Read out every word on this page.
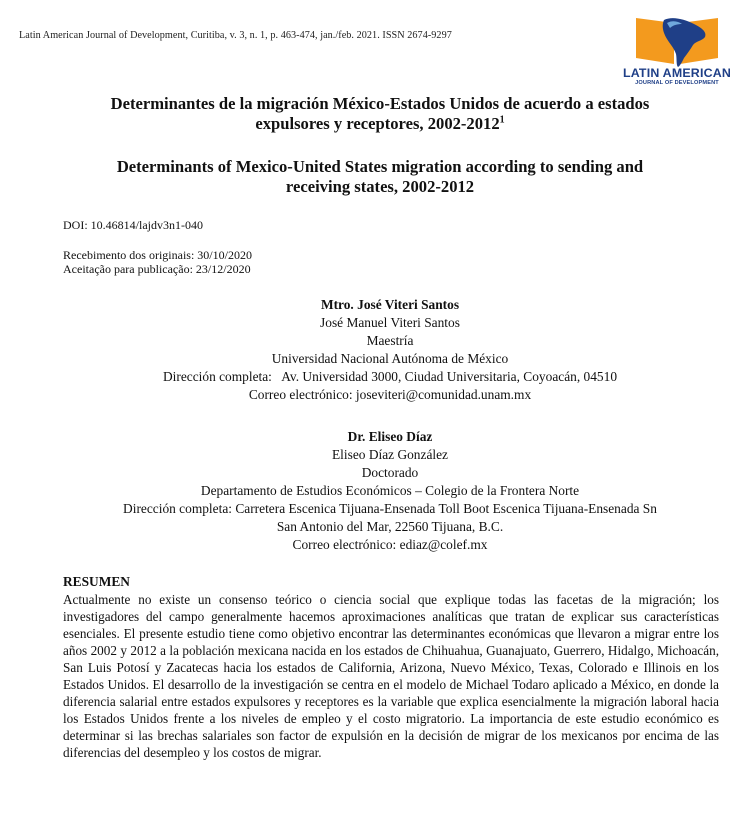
Latin American Journal of Development, Curitiba, v. 3, n. 1, p. 463-474, jan./feb. 2021. ISSN 2674-9297
LATIN AMERICAN
JOURNAL OF DEVELOPMENT
Determinantes de la migración México-Estados Unidos de acuerdo a estados
expulsores y receptores, 2002-2012$^1$
Determinants of Mexico-United States migration according to sending and
receiving states, 2002-2012
DOI: 10.46814/lajdv3n1-040
Recebimento dos originais: 30/10/2020
Aceitação para publicação: 23/12/2020
Mtro. José Viteri Santos
José Manuel Viteri Santos
Maestría
Universidad Nacional Autónoma de México
Dirección completa:   Av. Universidad 3000, Ciudad Universitaria, Coyoacán, 04510
Correo electrónico: joseviteri@comunidad.unam.mx
Dr. Eliseo Díaz
Eliseo Díaz González
Doctorado
Departamento de Estudios Económicos – Colegio de la Frontera Norte
Dirección completa: Carretera Escenica Tijuana-Ensenada Toll Boot Escenica Tijuana-Ensenada Sn
San Antonio del Mar, 22560 Tijuana, B.C.
Correo electrónico: ediaz@colef.mx
RESUMEN
Actualmente no existe un consenso teórico o ciencia social que explique todas las facetas de la migración; los investigadores del campo generalmente hacemos aproximaciones analíticas que tratan de explicar sus características esenciales. El presente estudio tiene como objetivo encontrar las determinantes económicas que llevaron a migrar entre los años 2002 y 2012 a la población mexicana nacida en los estados de Chihuahua, Guanajuato, Guerrero, Hidalgo, Michoacán, San Luis Potosí y Zacatecas hacia los estados de California, Arizona, Nuevo México, Texas, Colorado e Illinois en los Estados Unidos. El desarrollo de la investigación se centra en el modelo de Michael Todaro aplicado a México, en donde la diferencia salarial entre estados expulsores y receptores es la variable que explica esencialmente la migración laboral hacia los Estados Unidos frente a los niveles de empleo y el costo migratorio. La importancia de este estudio económico es determinar si las brechas salariales son factor de expulsión en la decisión de migrar de los mexicanos por encima de las diferencias del desempleo y los costos de migrar.
